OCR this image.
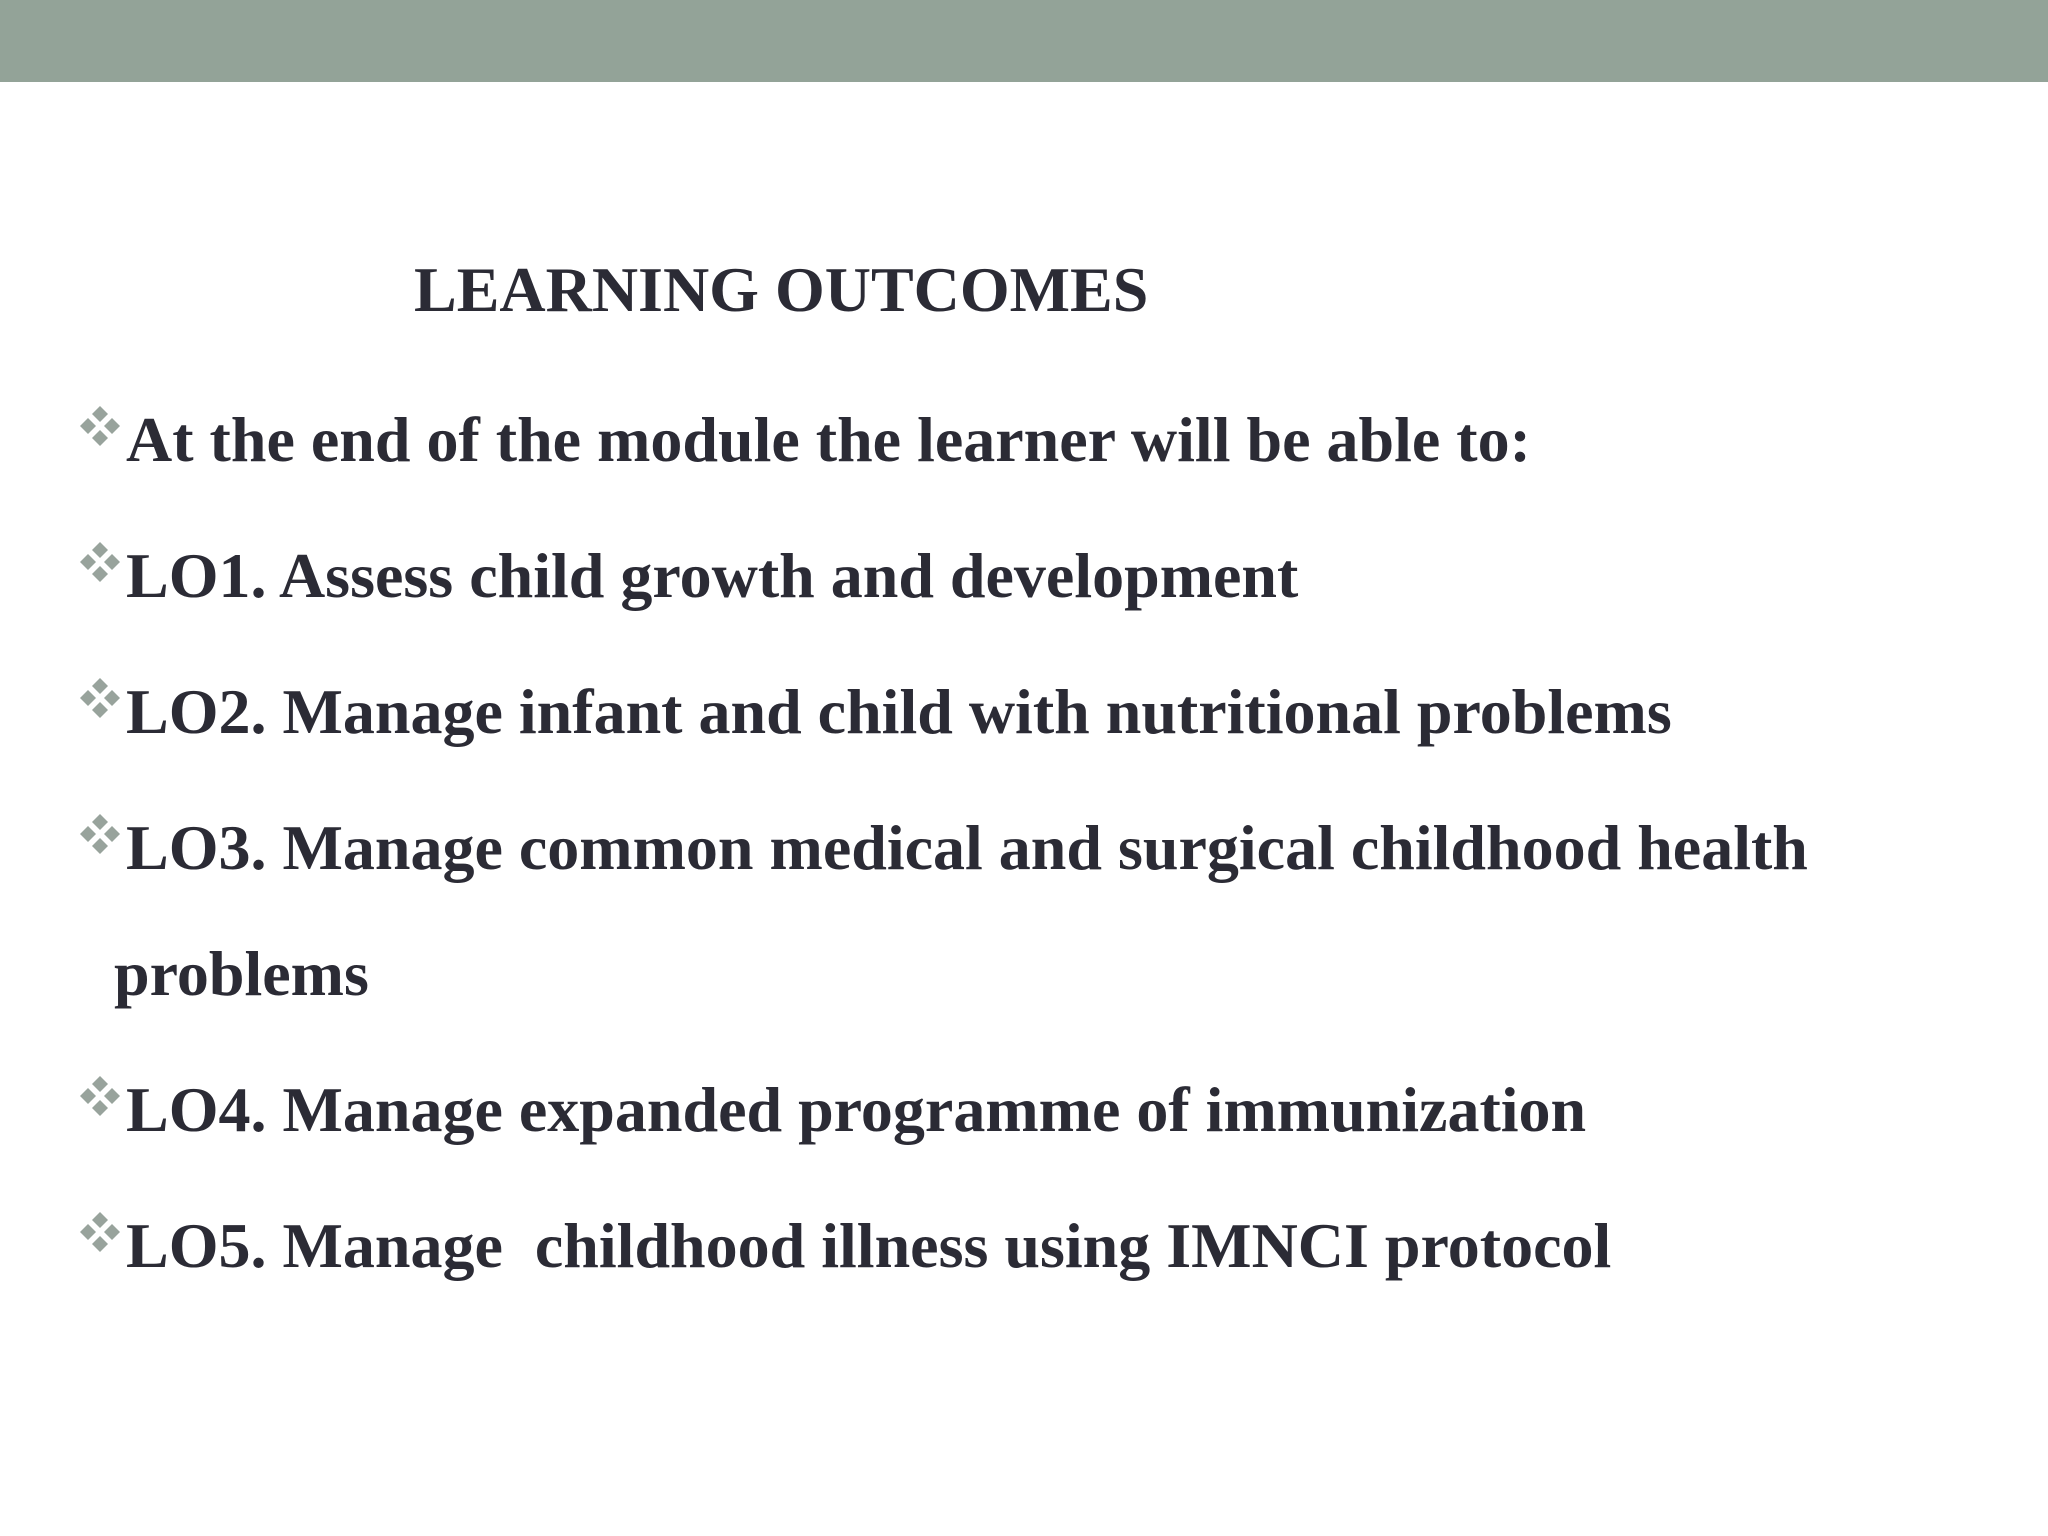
LEARNING OUTCOMES
At the end of the module the learner will be able to:
LO1. Assess child growth and development
LO2. Manage infant and child with nutritional problems
LO3. Manage common medical and surgical childhood health problems
LO4. Manage expanded programme of immunization
LO5. Manage  childhood illness using IMNCI protocol
